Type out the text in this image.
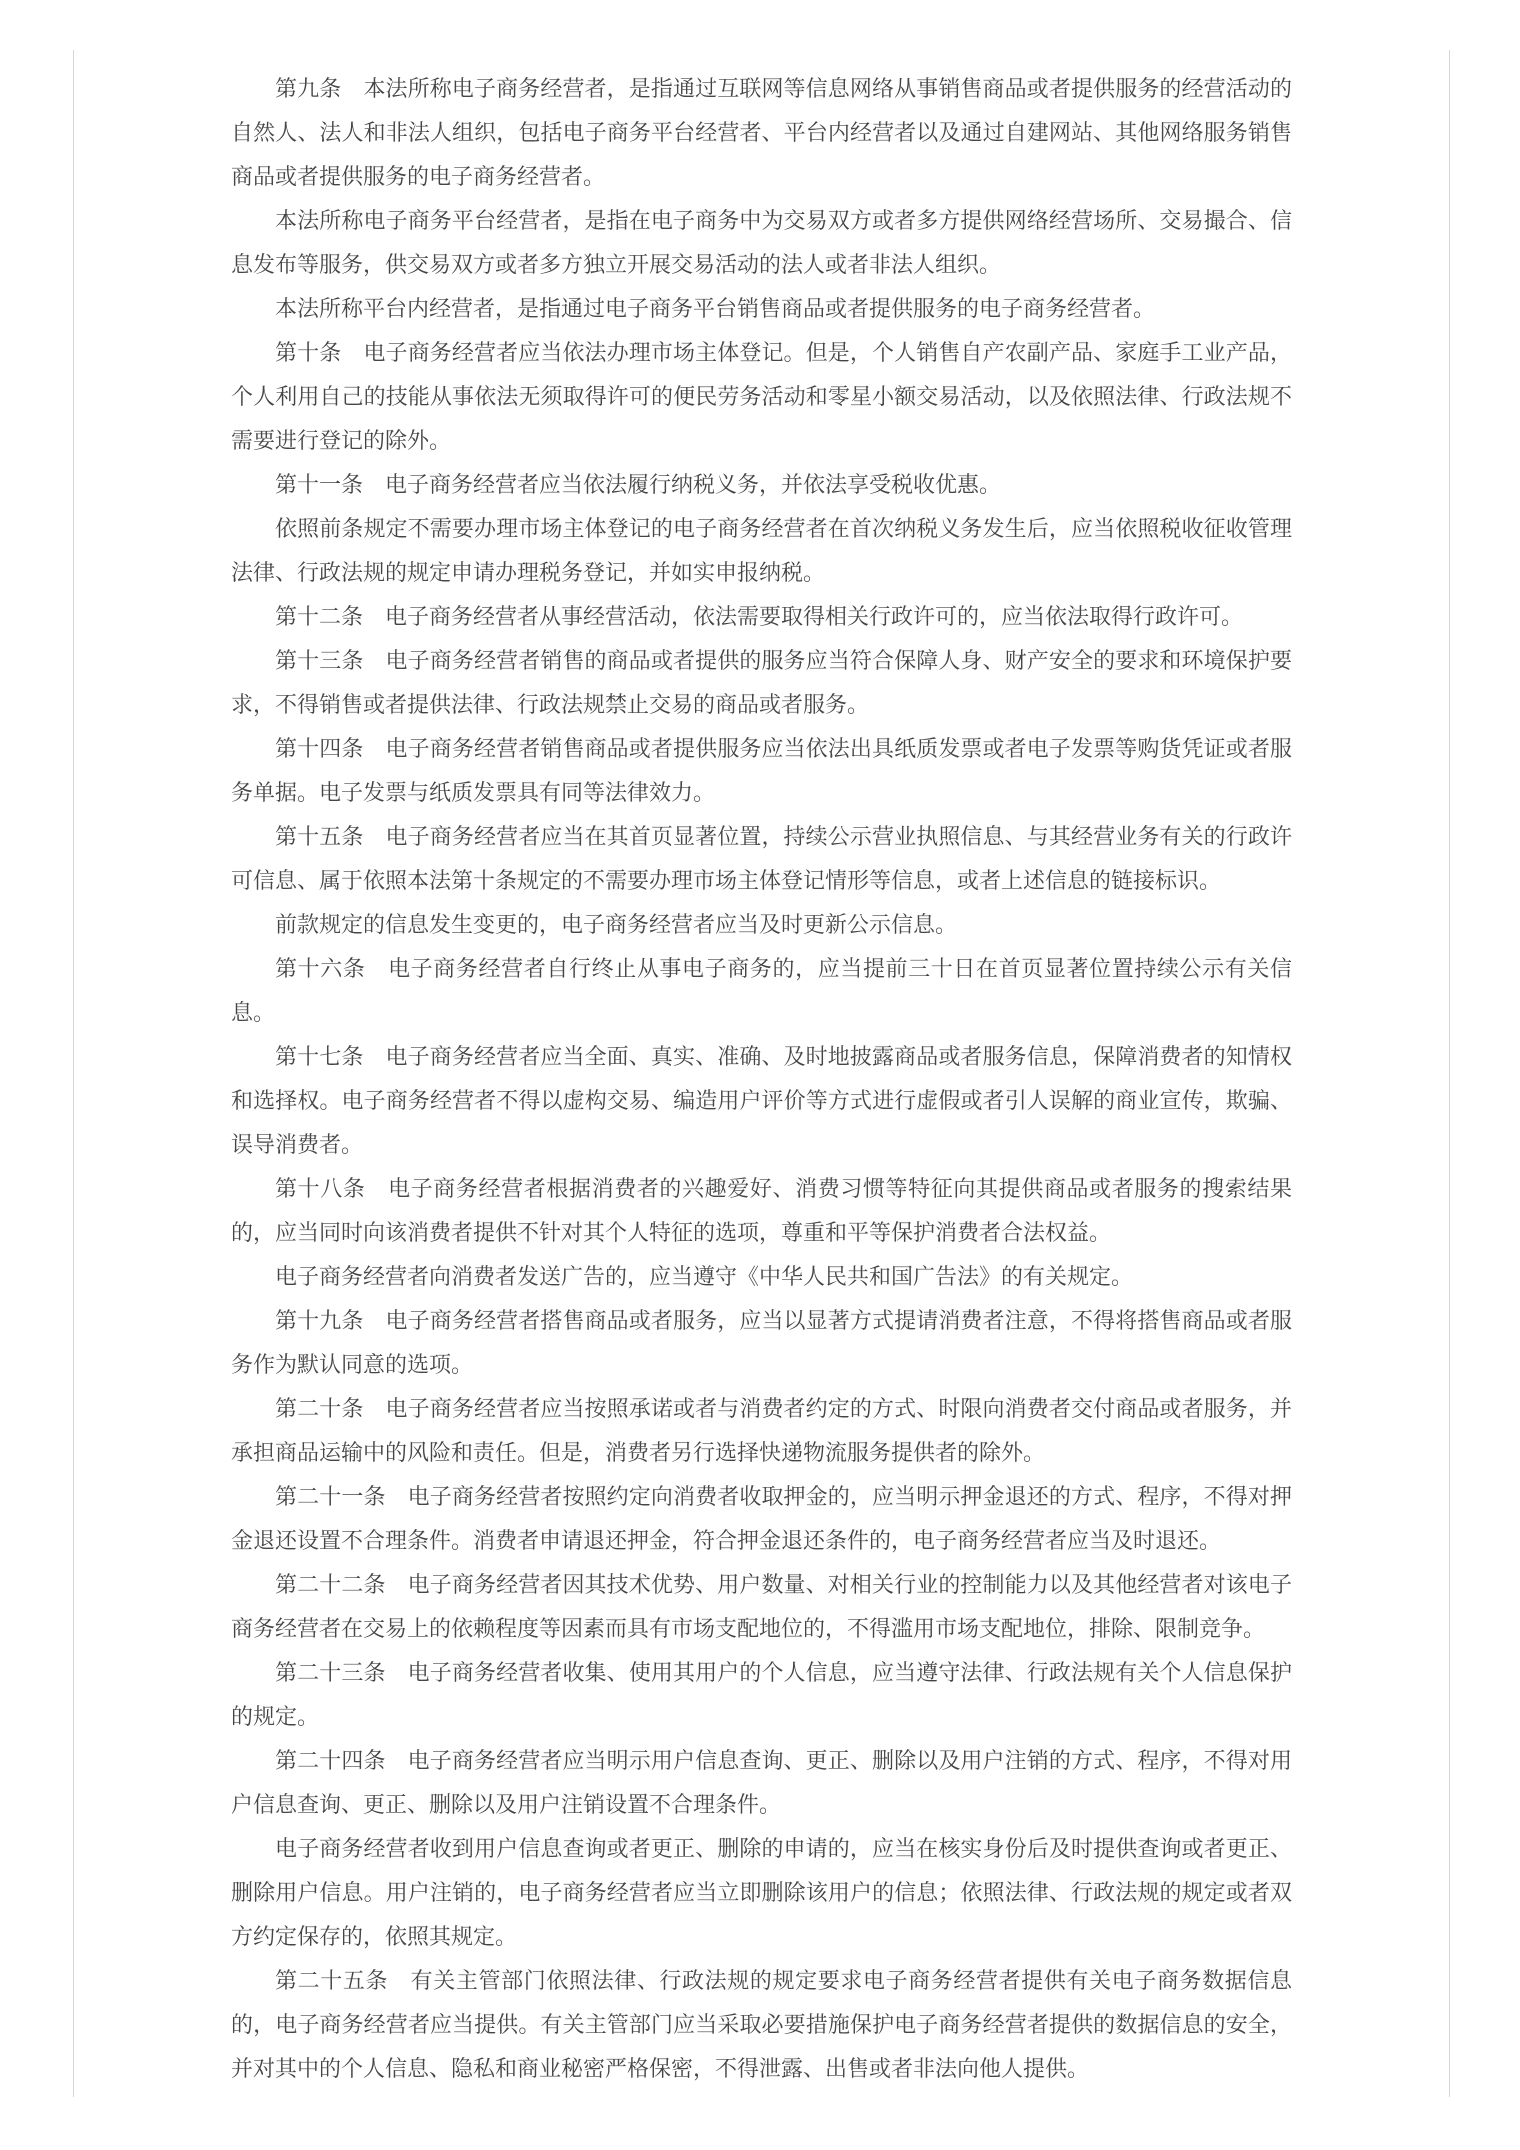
第九条　本法所称电子商务经营者，是指通过互联网等信息网络从事销售商品或者提供服务的经营活动的自然人、法人和非法人组织，包括电子商务平台经营者、平台内经营者以及通过自建网站、其他网络服务销售商品或者提供服务的电子商务经营者。

本法所称电子商务平台经营者，是指在电子商务中为交易双方或者多方提供网络经营场所、交易撮合、信息发布等服务，供交易双方或者多方独立开展交易活动的法人或者非法人组织。

本法所称平台内经营者，是指通过电子商务平台销售商品或者提供服务的电子商务经营者。

第十条　电子商务经营者应当依法办理市场主体登记。但是，个人销售自产农副产品、家庭手工业产品，个人利用自己的技能从事依法无须取得许可的便民劳务活动和零星小额交易活动，以及依照法律、行政法规不需要进行登记的除外。

第十一条　电子商务经营者应当依法履行纳税义务，并依法享受税收优惠。

依照前条规定不需要办理市场主体登记的电子商务经营者在首次纳税义务发生后，应当依照税收征收管理法律、行政法规的规定申请办理税务登记，并如实申报纳税。

第十二条　电子商务经营者从事经营活动，依法需要取得相关行政许可的，应当依法取得行政许可。

第十三条　电子商务经营者销售的商品或者提供的服务应当符合保障人身、财产安全的要求和环境保护要求，不得销售或者提供法律、行政法规禁止交易的商品或者服务。

第十四条　电子商务经营者销售商品或者提供服务应当依法出具纸质发票或者电子发票等购货凭证或者服务单据。电子发票与纸质发票具有同等法律效力。

第十五条　电子商务经营者应当在其首页显著位置，持续公示营业执照信息、与其经营业务有关的行政许可信息、属于依照本法第十条规定的不需要办理市场主体登记情形等信息，或者上述信息的链接标识。

前款规定的信息发生变更的，电子商务经营者应当及时更新公示信息。

第十六条　电子商务经营者自行终止从事电子商务的，应当提前三十日在首页显著位置持续公示有关信息。

第十七条　电子商务经营者应当全面、真实、准确、及时地披露商品或者服务信息，保障消费者的知情权和选择权。电子商务经营者不得以虚构交易、编造用户评价等方式进行虚假或者引人误解的商业宣传，欺骗、误导消费者。

第十八条　电子商务经营者根据消费者的兴趣爱好、消费习惯等特征向其提供商品或者服务的搜索结果的，应当同时向该消费者提供不针对其个人特征的选项，尊重和平等保护消费者合法权益。

电子商务经营者向消费者发送广告的，应当遵守《中华人民共和国广告法》的有关规定。

第十九条　电子商务经营者搭售商品或者服务，应当以显著方式提请消费者注意，不得将搭售商品或者服务作为默认同意的选项。

第二十条　电子商务经营者应当按照承诺或者与消费者约定的方式、时限向消费者交付商品或者服务，并承担商品运输中的风险和责任。但是，消费者另行选择快递物流服务提供者的除外。

第二十一条　电子商务经营者按照约定向消费者收取押金的，应当明示押金退还的方式、程序，不得对押金退还设置不合理条件。消费者申请退还押金，符合押金退还条件的，电子商务经营者应当及时退还。

第二十二条　电子商务经营者因其技术优势、用户数量、对相关行业的控制能力以及其他经营者对该电子商务经营者在交易上的依赖程度等因素而具有市场支配地位的，不得滥用市场支配地位，排除、限制竞争。

第二十三条　电子商务经营者收集、使用其用户的个人信息，应当遵守法律、行政法规有关个人信息保护的规定。

第二十四条　电子商务经营者应当明示用户信息查询、更正、删除以及用户注销的方式、程序，不得对用户信息查询、更正、删除以及用户注销设置不合理条件。

电子商务经营者收到用户信息查询或者更正、删除的申请的，应当在核实身份后及时提供查询或者更正、删除用户信息。用户注销的，电子商务经营者应当立即删除该用户的信息；依照法律、行政法规的规定或者双方约定保存的，依照其规定。

第二十五条　有关主管部门依照法律、行政法规的规定要求电子商务经营者提供有关电子商务数据信息的，电子商务经营者应当提供。有关主管部门应当采取必要措施保护电子商务经营者提供的数据信息的安全，并对其中的个人信息、隐私和商业秘密严格保密，不得泄露、出售或者非法向他人提供。
